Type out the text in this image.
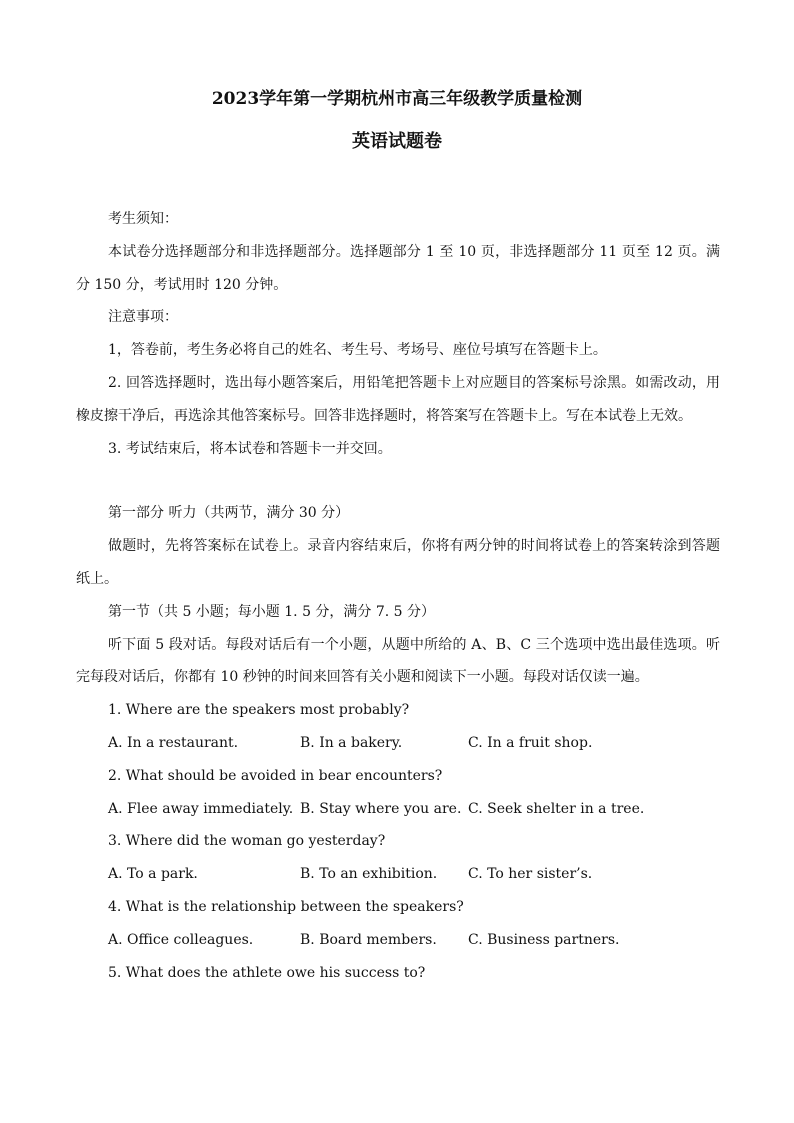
2023学年第一学期杭州市高三年级教学质量检测
英语试题卷

考生须知：

本试卷分选择题部分和非选择题部分。选择题部分 1 至 10 页，非选择题部分 11 页至 12 页。满分 150 分，考试用时 120 分钟。

注意事项：

1，答卷前，考生务必将自己的姓名、考生号、考场号、座位号填写在答题卡上。

2. 回答选择题时，选出每小题答案后，用铅笔把答题卡上对应题目的答案标号涂黑。如需改动，用橡皮擦干净后，再选涂其他答案标号。回答非选择题时，将答案写在答题卡上。写在本试卷上无效。

3. 考试结束后，将本试卷和答题卡一并交回。

第一部分 听力（共两节，满分 30 分）

做题时，先将答案标在试卷上。录音内容结束后，你将有两分钟的时间将试卷上的答案转涂到答题纸上。

第一节（共 5 小题；每小题 1. 5 分，满分 7. 5 分）

听下面 5 段对话。每段对话后有一个小题，从题中所给的 A、B、C 三个选项中选出最佳选项。听完每段对话后，你都有 10 秒钟的时间来回答有关小题和阅读下一小题。每段对话仅读一遍。

1. Where are the speakers most probably?

A. In a restaurant.	B. In a bakery.	C. In a fruit shop.

2. What should be avoided in bear encounters?

A. Flee away immediately. B. Stay where you are. C. Seek shelter in a tree.

3. Where did the woman go yesterday?

A. To a park.	B. To an exhibition.	C. To her sister’s.

4. What is the relationship between the speakers?

A. Office colleagues.	B. Board members.	C. Business partners.

5. What does the athlete owe his success to?
